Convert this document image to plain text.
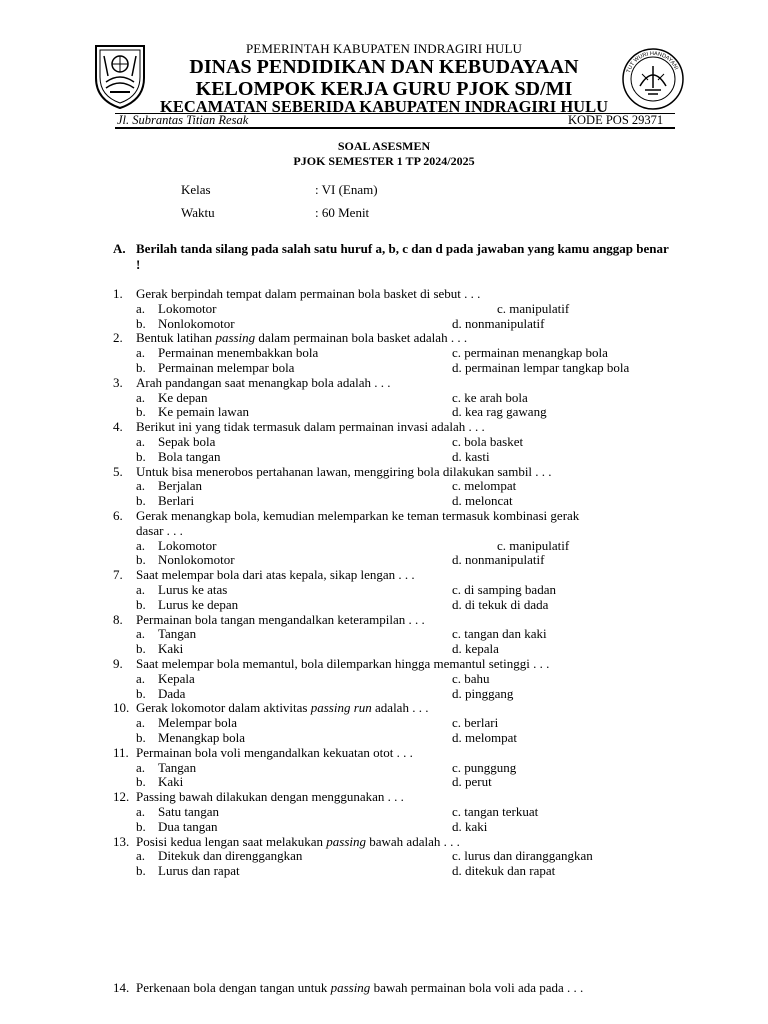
PEMERINTAH KABUPATEN INDRAGIRI HULU
DINAS PENDIDIKAN DAN KEBUDAYAAN
KELOMPOK KERJA GURU PJOK SD/MI
TUT WURI HANDAYANI
KECAMATAN SEBERIDA KABUPATEN INDRAGIRI HULU
Jl. Subrantas Titian Resak	KODE POS 29371
SOAL ASESMEN
PJOK SEMESTER 1 TP 2024/2025
Kelas	: VI (Enam)
Waktu	: 60 Menit
A. Berilah tanda silang pada salah satu huruf a, b, c dan d pada jawaban yang kamu anggap benar !
1. Gerak berpindah tempat dalam permainan bola basket di sebut . . .
a. Lokomotor	c. manipulatif
b. Nonlokomotor	d. nonmanipulatif
2. Bentuk latihan passing dalam permainan bola basket adalah . . .
a. Permainan menembakkan bola	c. permainan menangkap bola
b. Permainan melempar bola	d. permainan lempar tangkap bola
3. Arah pandangan saat menangkap bola adalah . . .
a. Ke depan	c. ke arah bola
b. Ke pemain lawan	d. kea rag gawang
4. Berikut ini yang tidak termasuk dalam permainan invasi adalah . . .
a. Sepak bola	c. bola basket
b. Bola tangan	d. kasti
5. Untuk bisa menerobos pertahanan lawan, menggiring bola dilakukan sambil . . .
a. Berjalan	c. melompat
b. Berlari	d. meloncat
6. Gerak menangkap bola, kemudian melemparkan ke teman termasuk kombinasi gerak
dasar . . .
a. Lokomotor	c. manipulatif
b. Nonlokomotor	d. nonmanipulatif
7. Saat melempar bola dari atas kepala, sikap lengan . . .
a. Lurus ke atas	c. di samping badan
b. Lurus ke depan	d. di tekuk di dada
8. Permainan bola tangan mengandalkan keterampilan . . .
a. Tangan	c. tangan dan kaki
b. Kaki	d. kepala
9. Saat melempar bola memantul, bola dilemparkan hingga memantul setinggi . . .
a. Kepala	c. bahu
b. Dada	d. pinggang
10. Gerak lokomotor dalam aktivitas passing run adalah . . .
a. Melempar bola	c. berlari
b. Menangkap bola	d. melompat
11. Permainan bola voli mengandalkan kekuatan otot . . .
a. Tangan	c. punggung
b. Kaki	d. perut
12. Passing bawah dilakukan dengan menggunakan . . .
a. Satu tangan	c. tangan terkuat
b. Dua tangan	d. kaki
13. Posisi kedua lengan saat melakukan passing bawah adalah . . .
a. Ditekuk dan direnggangkan	c. lurus dan diranggangkan
b. Lurus dan rapat	d. ditekuk dan rapat
14. Perkenaan bola dengan tangan untuk passing bawah permainan bola voli ada pada . . .
